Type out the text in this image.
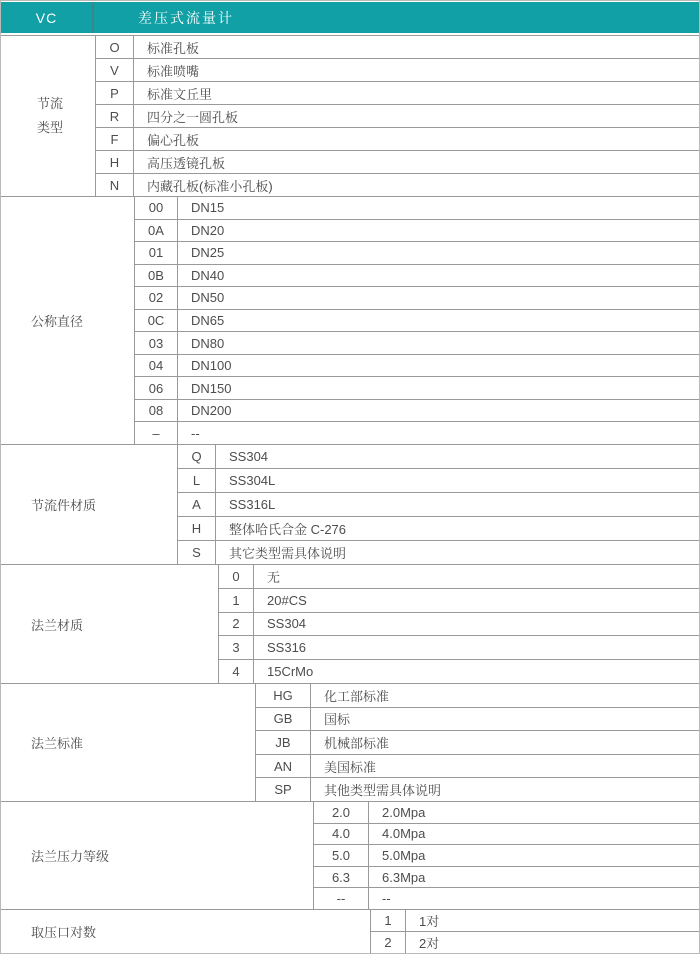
VC	差压式流量计
节流类型
O	标准孔板
V	标准喷嘴
P	标准文丘里
R	四分之一圆孔板
F	偏心孔板
H	高压透镜孔板
N	内藏孔板(标准小孔板)
公称直径
00	DN15
0A	DN20
01	DN25
0B	DN40
02	DN50
0C	DN65
03	DN80
04	DN100
06	DN150
08	DN200
–	--
节流件材质
Q	SS304
L	SS304L
A	SS316L
H	整体哈氏合金 C-276
S	其它类型需具体说明
法兰材质
0	无
1	20#CS
2	SS304
3	SS316
4	15CrMo
法兰标准
HG	化工部标准
GB	国标
JB	机械部标准
AN	美国标准
SP	其他类型需具体说明
法兰压力等级
2.0	2.0Mpa
4.0	4.0Mpa
5.0	5.0Mpa
6.3	6.3Mpa
--	--
取压口对数
1	1对
2	2对
